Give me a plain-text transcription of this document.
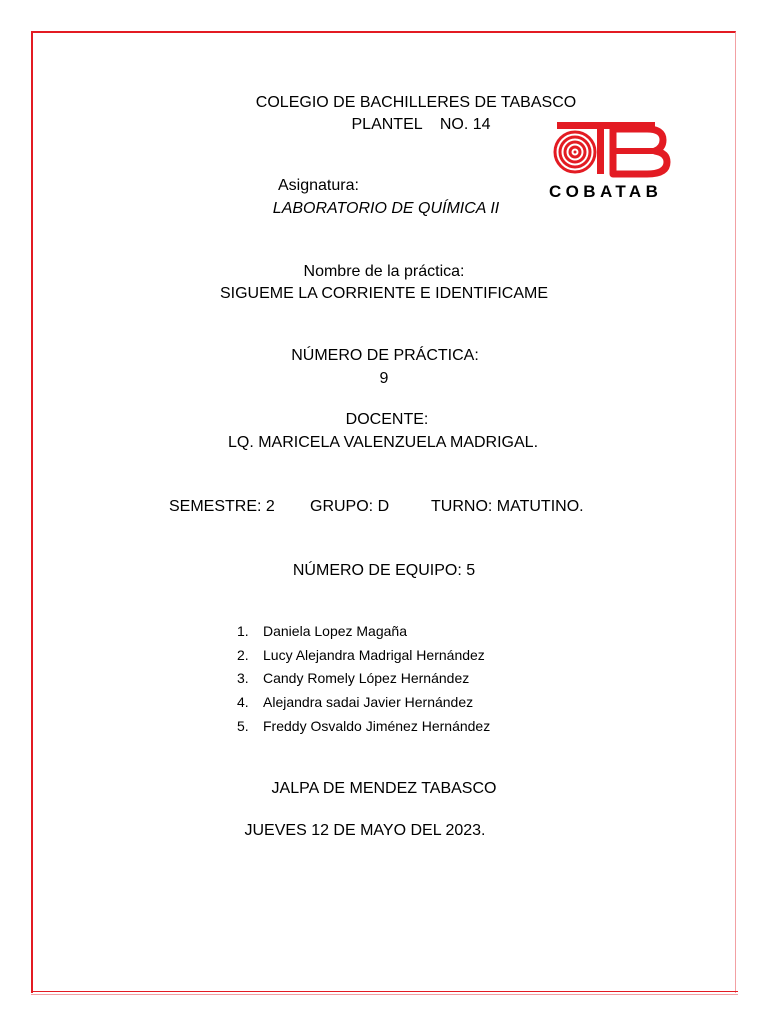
COLEGIO DE BACHILLERES DE TABASCO
PLANTEL    NO. 14
COBATAB
Asignatura:
LABORATORIO DE QUÍMICA II
Nombre de la práctica:
SIGUEME LA CORRIENTE E IDENTIFICAME
NÚMERO DE PRÁCTICA:
9
DOCENTE:
LQ. MARICELA VALENZUELA MADRIGAL.
SEMESTRE: 2 GRUPO: D	TURNO: MATUTINO.
NÚMERO DE EQUIPO: 5
1. Daniela Lopez Magaña
2. Lucy Alejandra Madrigal Hernández
3. Candy Romely López Hernández
4. Alejandra sadai Javier Hernández
5. Freddy Osvaldo Jiménez Hernández
JALPA DE MENDEZ TABASCO
JUEVES 12 DE MAYO DEL 2023.
